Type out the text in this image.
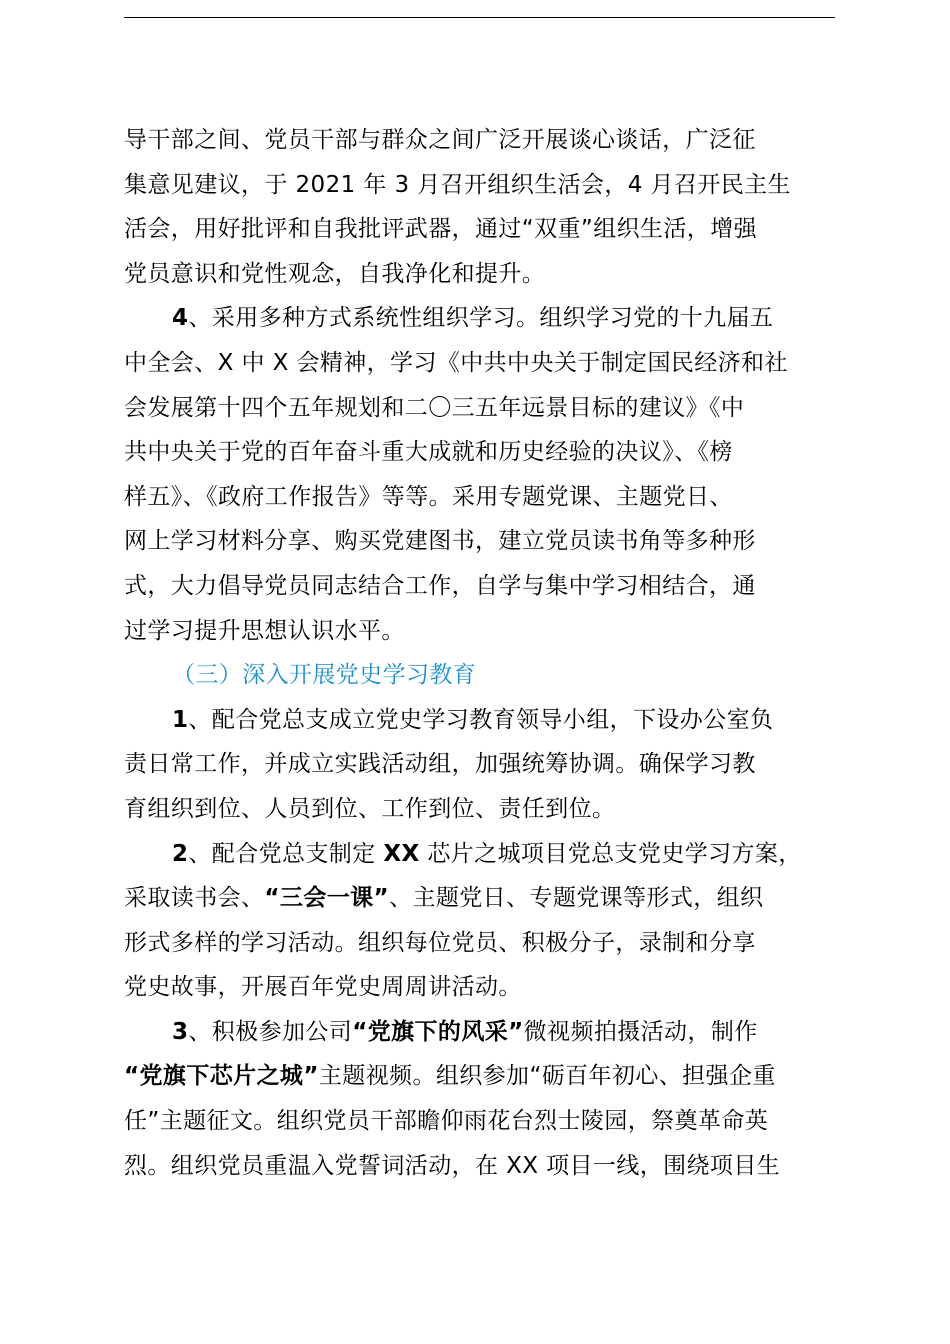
导干部之间、党员干部与群众之间广泛开展谈心谈话，广泛征
集意见建议，于 2021 年 3 月召开组织生活会，4 月召开民主生
活会，用好批评和自我批评武器，通过“双重”组织生活，增强
党员意识和党性观念，自我净化和提升。
4、采用多种方式系统性组织学习。组织学习党的十九届五
中全会、X 中 X 会精神，学习《中共中央关于制定国民经济和社
会发展第十四个五年规划和二〇三五年远景目标的建议》《中
共中央关于党的百年奋斗重大成就和历史经验的决议》、《榜
样五》、《政府工作报告》等等。采用专题党课、主题党日、
网上学习材料分享、购买党建图书，建立党员读书角等多种形
式，大力倡导党员同志结合工作，自学与集中学习相结合，通
过学习提升思想认识水平。
（三）深入开展党史学习教育
1、配合党总支成立党史学习教育领导小组，下设办公室负
责日常工作，并成立实践活动组，加强统筹协调。确保学习教
育组织到位、人员到位、工作到位、责任到位。
2、配合党总支制定 XX 芯片之城项目党总支党史学习方案，
采取读书会、“三会一课”、主题党日、专题党课等形式，组织
形式多样的学习活动。组织每位党员、积极分子，录制和分享
党史故事，开展百年党史周周讲活动。
3、积极参加公司“党旗下的风采”微视频拍摄活动，制作
“党旗下芯片之城”主题视频。组织参加“砺百年初心、担强企重
任”主题征文。组织党员干部瞻仰雨花台烈士陵园，祭奠革命英
烈。组织党员重温入党誓词活动，在 XX 项目一线，围绕项目生
